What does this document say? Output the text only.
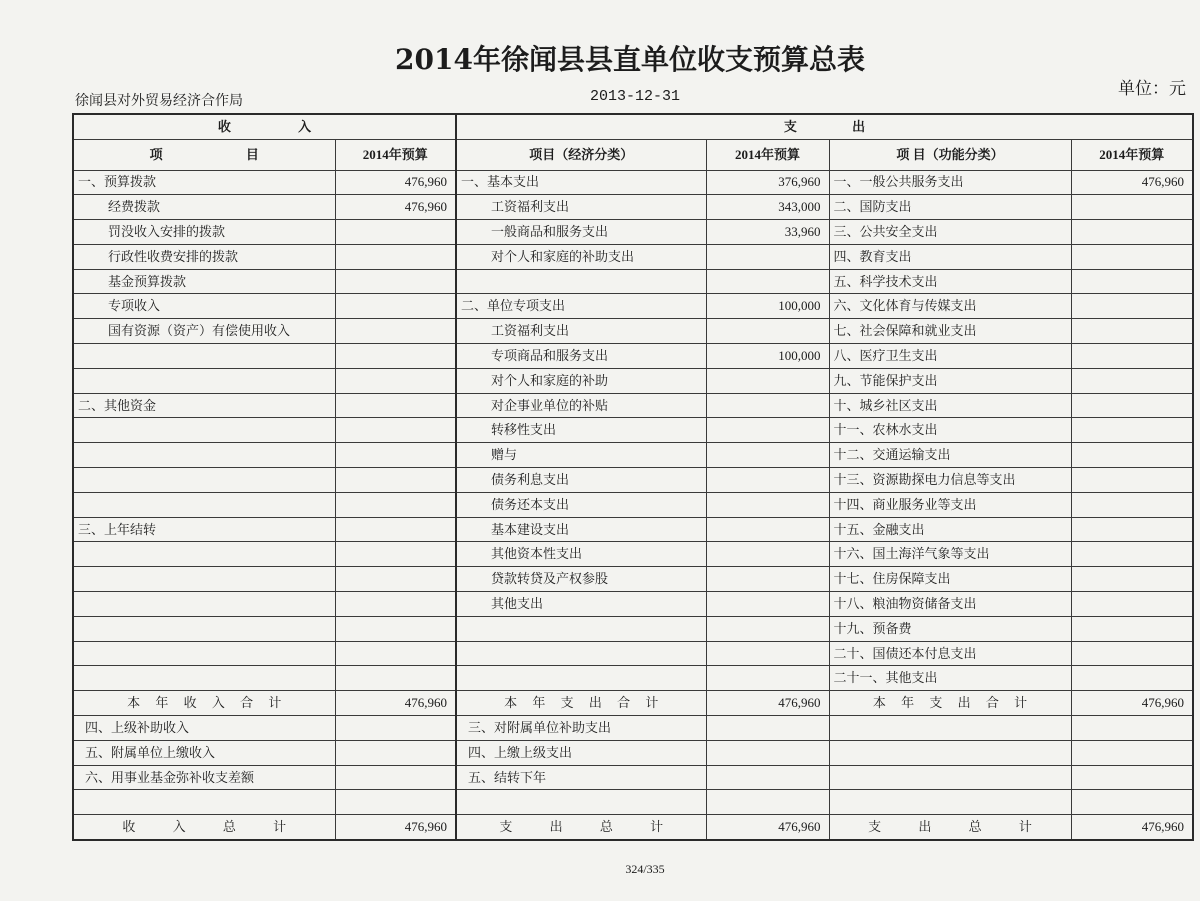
2014年徐闻县县直单位收支预算总表
单位：元
徐闻县对外贸易经济合作局	2013-12-31
收 入		支 出			
项 目	2014年预算	项目（经济分类）	2014年预算	项 目（功能分类）	2014年预算
一、预算拨款	476,960	一、基本支出	376,960	一、一般公共服务支出	476,960
经费拨款	476,960	工资福利支出	343,000	二、国防支出	
罚没收入安排的拨款		一般商品和服务支出	33,960	三、公共安全支出	
行政性收费安排的拨款		对个人和家庭的补助支出		四、教育支出	
基金预算拨款				五、科学技术支出	
专项收入		二、单位专项支出	100,000	六、文化体育与传媒支出	
国有资源（资产）有偿使用收入		工资福利支出		七、社会保障和就业支出	
		专项商品和服务支出	100,000	八、医疗卫生支出	
		对个人和家庭的补助		九、节能保护支出	
二、其他资金		对企事业单位的补贴		十、城乡社区支出	
		转移性支出		十一、农林水支出	
		赠与		十二、交通运输支出	
		债务利息支出		十三、资源勘探电力信息等支出	
		债务还本支出		十四、商业服务业等支出	
三、上年结转		基本建设支出		十五、金融支出	
		其他资本性支出		十六、国土海洋气象等支出	
		贷款转贷及产权参股		十七、住房保障支出	
		其他支出		十八、粮油物资储备支出	
				十九、预备费	
				二十、国债还本付息支出	
				二十一、其他支出	
本 年 收 入 合 计	476,960	本 年 支 出 合 计	476,960	本 年 支 出 合 计	476,960
四、上级补助收入		三、对附属单位补助支出			
五、附属单位上缴收入		四、上缴上级支出			
六、用事业基金弥补收支差额		五、结转下年			

收 入 总 计	476,960	支 出 总 计	476,960	支 出 总 计	476,960
324/335
